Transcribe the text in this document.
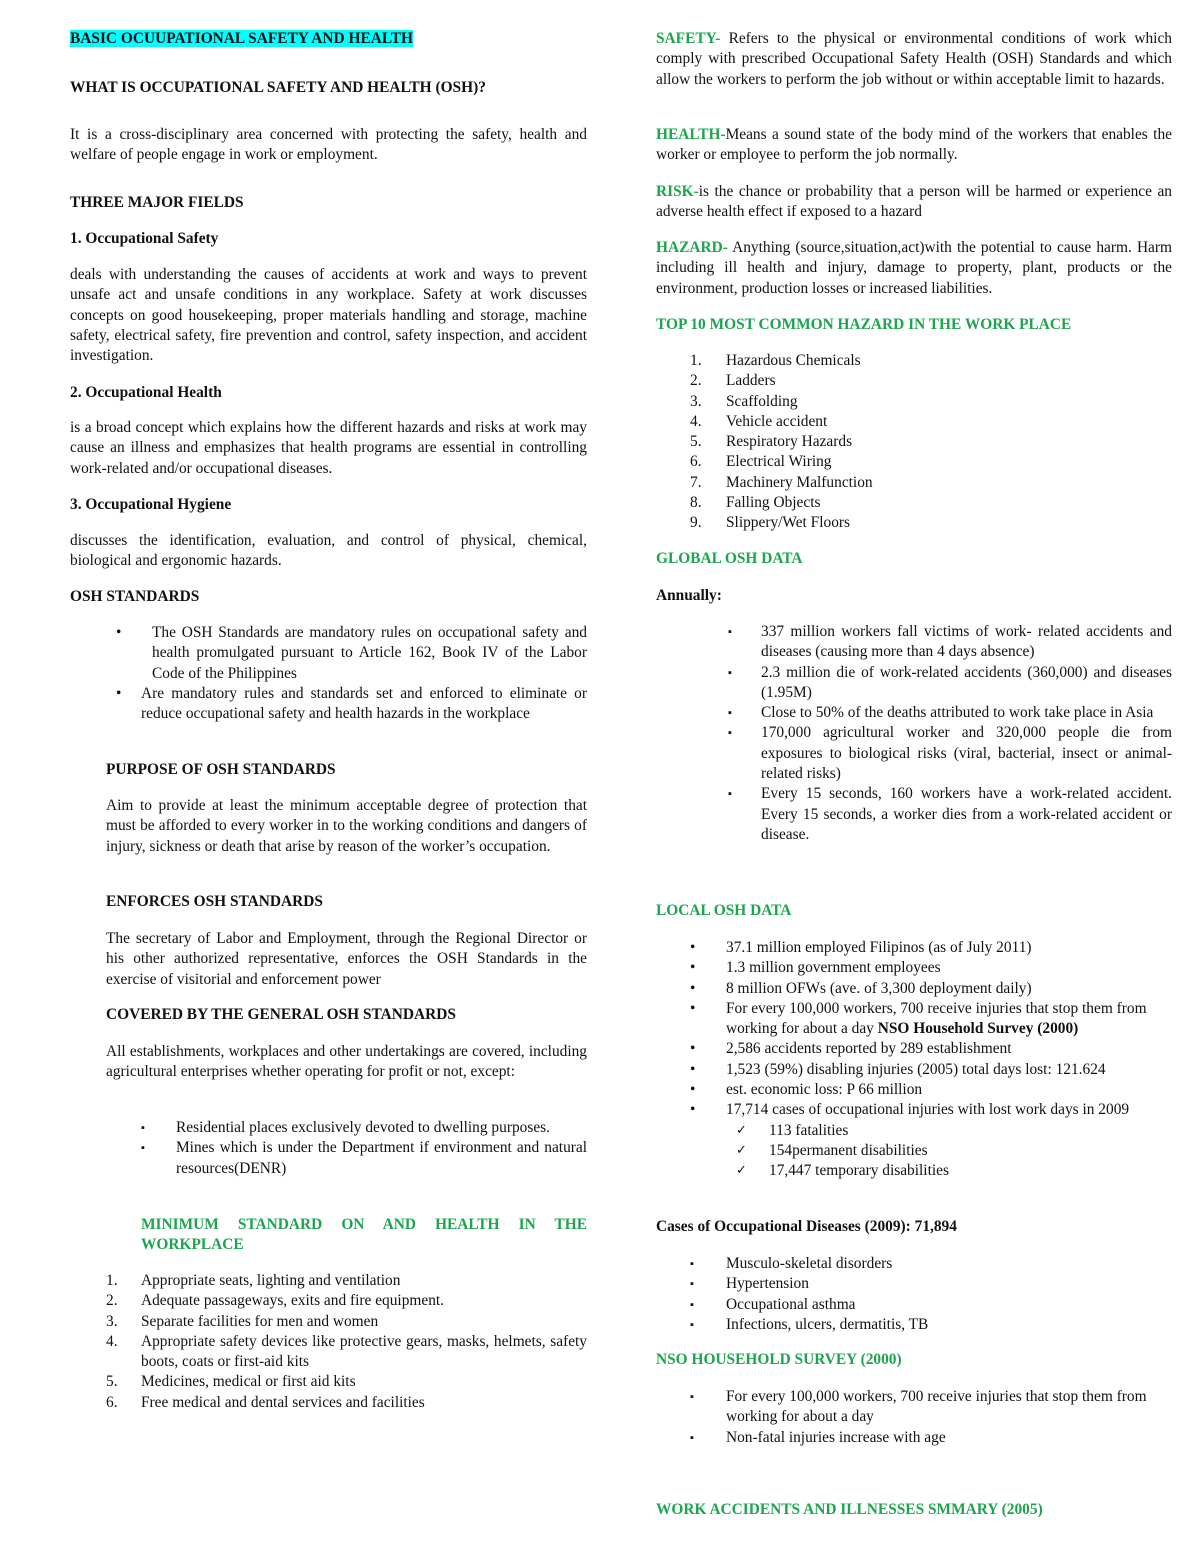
BASIC OCUUPATIONAL SAFETY AND HEALTH
WHAT IS OCCUPATIONAL SAFETY AND HEALTH (OSH)?
It is a cross-disciplinary area concerned with protecting the safety, health and welfare of people engage in work or employment.
THREE MAJOR FIELDS
1. Occupational Safety
deals with understanding the causes of accidents at work and ways to prevent unsafe act and unsafe conditions in any workplace. Safety at work discusses concepts on good housekeeping, proper materials handling and storage, machine safety, electrical safety, fire prevention and control, safety inspection, and accident investigation.
2. Occupational Health
is a broad concept which explains how the different hazards and risks at work may cause an illness and emphasizes that health programs are essential in controlling work-related and/or occupational diseases.
3. Occupational Hygiene
discusses the identification, evaluation, and control of physical, chemical, biological and ergonomic hazards.
OSH STANDARDS
• The OSH Standards are mandatory rules on occupational safety and health promulgated pursuant to Article 162, Book IV of the Labor Code of the Philippines
• Are mandatory rules and standards set and enforced to eliminate or reduce occupational safety and health hazards in the workplace
PURPOSE OF OSH STANDARDS
Aim to provide at least the minimum acceptable degree of protection that must be afforded to every worker in to the working conditions and dangers of injury, sickness or death that arise by reason of the worker’s occupation.
ENFORCES OSH STANDARDS
The secretary of Labor and Employment, through the Regional Director or his other authorized representative, enforces the OSH Standards in the exercise of visitorial and enforcement power
COVERED BY THE GENERAL OSH STANDARDS
All establishments, workplaces and other undertakings are covered, including agricultural enterprises whether operating for profit or not, except:
▪ Residential places exclusively devoted to dwelling purposes.
▪ Mines which is under the Department if environment and natural resources(DENR)
MINIMUM STANDARD ON AND HEALTH IN THE WORKPLACE
1. Appropriate seats, lighting and ventilation
2. Adequate passageways, exits and fire equipment.
3. Separate facilities for men and women
4. Appropriate safety devices like protective gears, masks, helmets, safety boots, coats or first-aid kits
5. Medicines, medical or first aid kits
6. Free medical and dental services and facilities
SAFETY- Refers to the physical or environmental conditions of work which comply with prescribed Occupational Safety Health (OSH) Standards and which allow the workers to perform the job without or within acceptable limit to hazards.
HEALTH-Means a sound state of the body mind of the workers that enables the worker or employee to perform the job normally.
RISK-is the chance or probability that a person will be harmed or experience an adverse health effect if exposed to a hazard
HAZARD- Anything (source,situation,act)with the potential to cause harm. Harm including ill health and injury, damage to property, plant, products or the environment, production losses or increased liabilities.
TOP 10 MOST COMMON HAZARD IN THE WORK PLACE
1. Hazardous Chemicals
2. Ladders
3. Scaffolding
4. Vehicle accident
5. Respiratory Hazards
6. Electrical Wiring
7. Machinery Malfunction
8. Falling Objects
9. Slippery/Wet Floors
GLOBAL OSH DATA
Annually:
▪ 337 million workers fall victims of work- related accidents and diseases (causing more than 4 days absence)
▪ 2.3 million die of work-related accidents (360,000) and diseases (1.95M)
▪ Close to 50% of the deaths attributed to work take place in Asia
▪ 170,000 agricultural worker and 320,000 people die from exposures to biological risks (viral, bacterial, insect or animal-related risks)
▪ Every 15 seconds, 160 workers have a work-related accident. Every 15 seconds, a worker dies from a work-related accident or disease.
LOCAL OSH DATA
• 37.1 million employed Filipinos (as of July 2011)
• 1.3 million government employees
• 8 million OFWs (ave. of 3,300 deployment daily)
• For every 100,000 workers, 700 receive injuries that stop them from working for about a day NSO Household Survey (2000)
• 2,586 accidents reported by 289 establishment
• 1,523 (59%) disabling injuries (2005) total days lost: 121.624
• est. economic loss: P 66 million
• 17,714 cases of occupational injuries with lost work days in 2009
✓ 113 fatalities
✓ 154permanent disabilities
✓ 17,447 temporary disabilities
Cases of Occupational Diseases (2009): 71,894
▪ Musculo-skeletal disorders
▪ Hypertension
▪ Occupational asthma
▪ Infections, ulcers, dermatitis, TB
NSO HOUSEHOLD SURVEY (2000)
▪ For every 100,000 workers, 700 receive injuries that stop them from working for about a day
▪ Non-fatal injuries increase with age
WORK ACCIDENTS AND ILLNESSES SMMARY (2005)
